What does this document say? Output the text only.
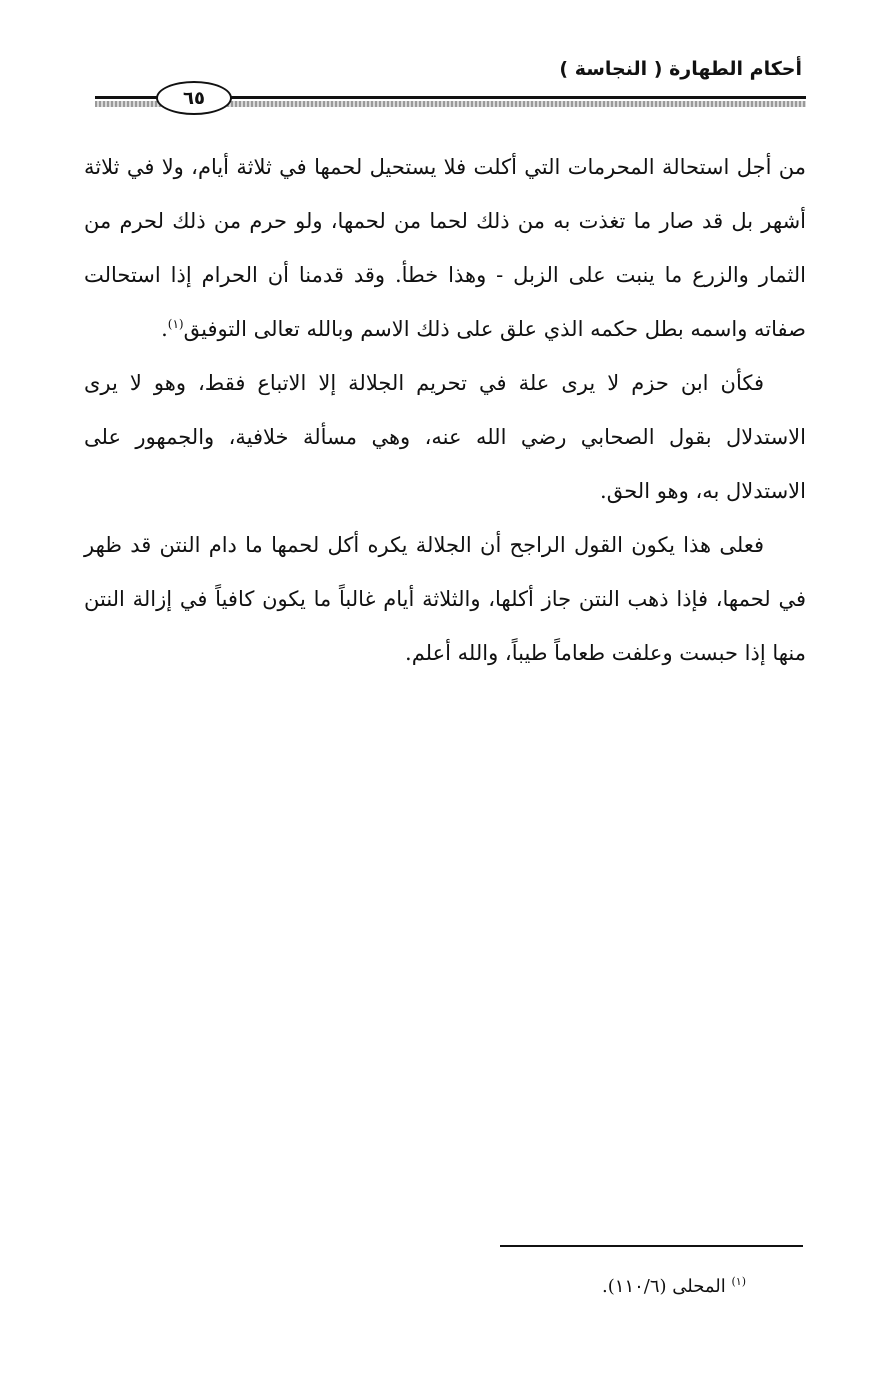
أحكام الطهارة ( النجاسة )
٦٥

من أجل استحالة المحرمات التي أكلت فلا يستحيل لحمها في ثلاثة أيام، ولا في ثلاثة أشهر بل قد صار ما تغذت به من ذلك لحما من لحمها، ولو حرم من ذلك لحرم من الثمار والزرع ما ينبت على الزبل - وهذا خطأ. وقد قدمنا أن الحرام إذا استحالت صفاته واسمه بطل حكمه الذي علق على ذلك الاسم وبالله تعالى التوفيق$^{(١)}$.

فكأن ابن حزم لا يرى علة في تحريم الجلالة إلا الاتباع فقط، وهو لا يرى الاستدلال بقول الصحابي رضي الله عنه، وهي مسألة خلافية، والجمهور على الاستدلال به، وهو الحق.

فعلى هذا يكون القول الراجح أن الجلالة يكره أكل لحمها ما دام النتن قد ظهر في لحمها، فإذا ذهب النتن جاز أكلها، والثلاثة أيام غالباً ما يكون كافياً في إزالة النتن منها إذا حبست وعلفت طعاماً طيباً، والله أعلم.

$^{(١)}$ المحلى (١١٠/٦).
